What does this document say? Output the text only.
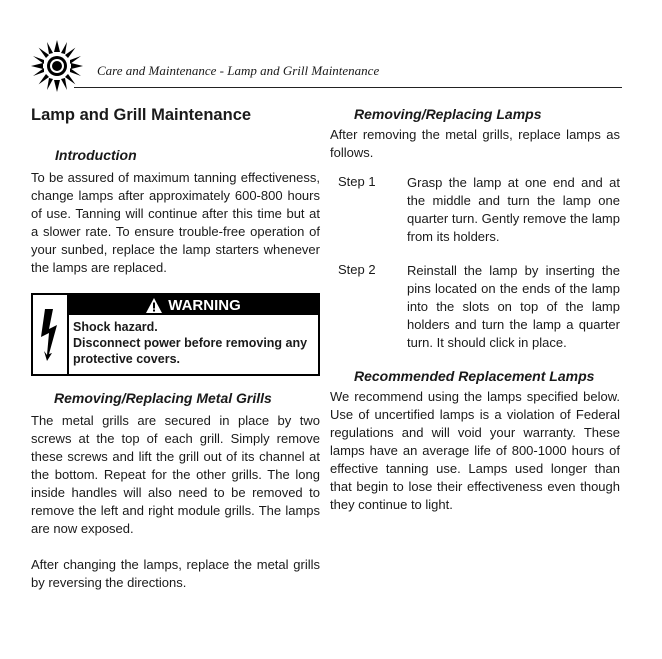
Care and Maintenance - Lamp and Grill Maintenance
Lamp and Grill Maintenance
Introduction

To be assured of maximum tanning effectiveness, change lamps after approximately 600-800 hours of use. Tanning will continue after this time but at a slower rate. To ensure trouble-free operation of your sunbed, replace the lamp starters whenever the lamps are replaced.

WARNING
Shock hazard.
Disconnect power before removing any protective covers.
Removing/Replacing Metal Grills

The metal grills are secured in place by two screws at the top of each grill. Simply remove these screws and lift the grill out of its channel at the bottom. Repeat for the other grills. The long inside handles will also need to be removed to remove the left and right module grills. The lamps are now exposed.

After changing the lamps, replace the metal grills by reversing the directions.

Removing/Replacing Lamps

After removing the metal grills, replace lamps as follows.

Step 1	Grasp the lamp at one end and at the middle and turn the lamp one quarter turn. Gently remove the lamp from its holders.

Step 2	Reinstall the lamp by inserting the pins located on the ends of the lamp into the slots on top of the lamp holders and turn the lamp a quarter turn. It should click in place.

Recommended Replacement Lamps

We recommend using the lamps specified below. Use of uncertified lamps is a violation of Federal regulations and will void your warranty. These lamps have an average life of 800-1000 hours of effective tanning use. Lamps used longer than that begin to lose their effectiveness even though they continue to light.
